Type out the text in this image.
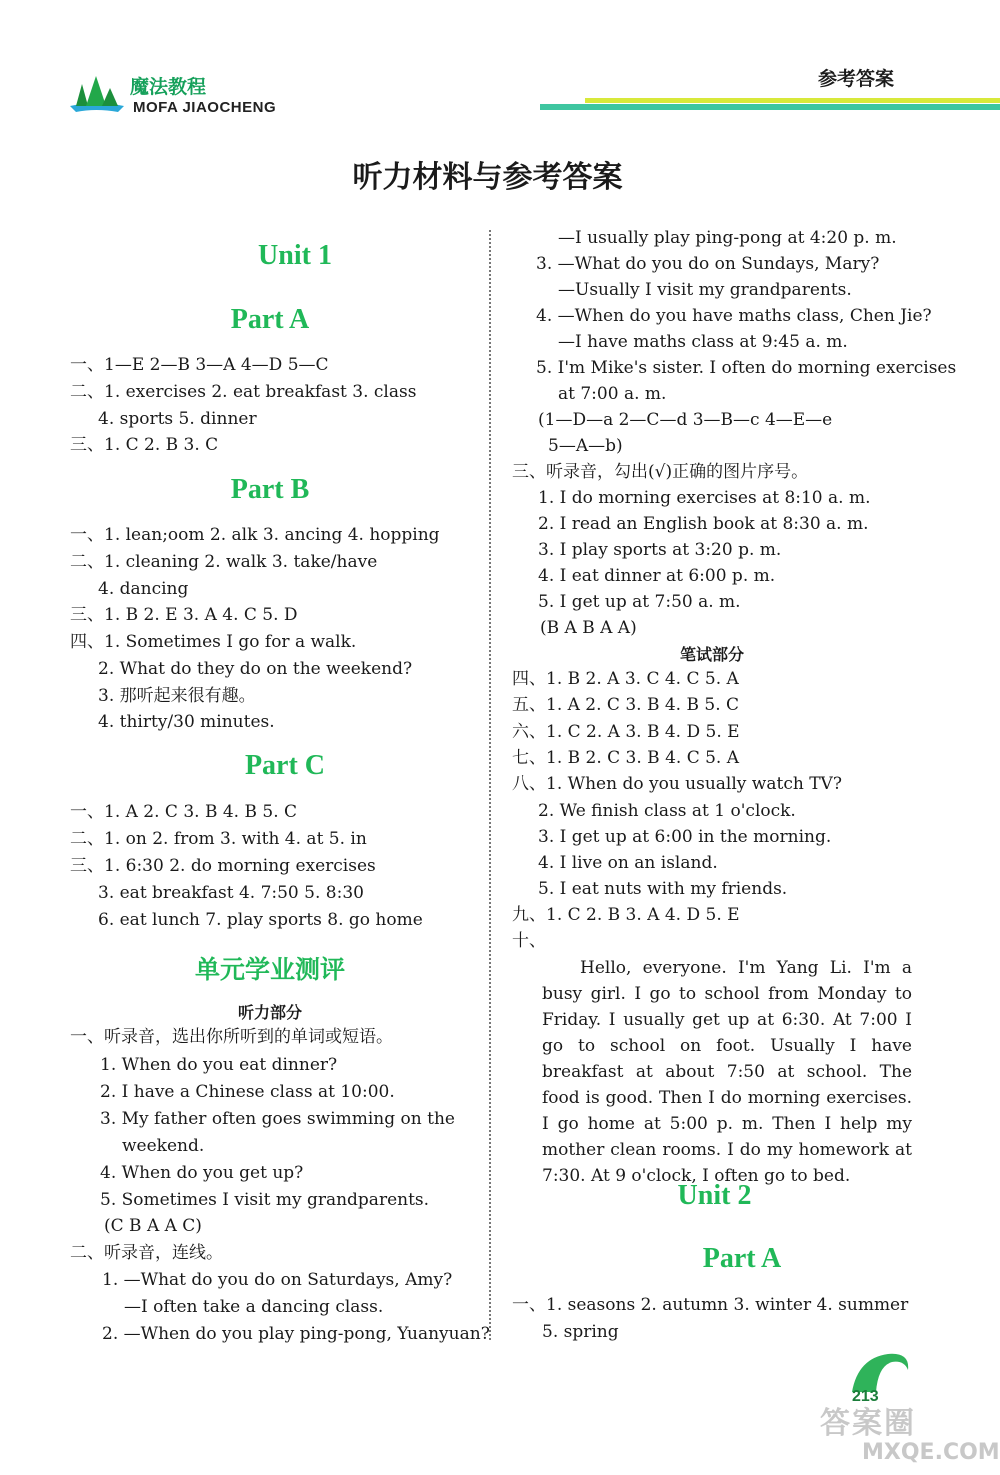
魔法教程
MOFA JIAOCHENG
参考答案
听力材料与参考答案
Unit 1
Part A
一、1—E 2—B 3—A 4—D 5—C
二、1. exercises 2. eat breakfast 3. class
4. sports 5. dinner
三、1. C 2. B 3. C
Part B
一、1. lean;oom 2. alk 3. ancing 4. hopping
二、1. cleaning 2. walk 3. take/have
4. dancing
三、1. B 2. E 3. A 4. C 5. D
四、1. Sometimes I go for a walk.
2. What do they do on the weekend?
3. 那听起来很有趣。
4. thirty/30 minutes.
Part C
一、1. A 2. C 3. B 4. B 5. C
二、1. on 2. from 3. with 4. at 5. in
三、1. 6:30 2. do morning exercises
3. eat breakfast 4. 7:50 5. 8:30
6. eat lunch 7. play sports 8. go home
单元学业测评
听力部分
一、听录音，选出你所听到的单词或短语。
1. When do you eat dinner?
2. I have a Chinese class at 10:00.
3. My father often goes swimming on the
weekend.
4. When do you get up?
5. Sometimes I visit my grandparents.
(C B A A C)
二、听录音，连线。
1. —What do you do on Saturdays, Amy?
—I often take a dancing class.
2. —When do you play ping-pong, Yuanyuan?
—I usually play ping-pong at 4:20 p. m.
3. —What do you do on Sundays, Mary?
—Usually I visit my grandparents.
4. —When do you have maths class, Chen Jie?
—I have maths class at 9:45 a. m.
5. I'm Mike's sister. I often do morning exercises
at 7:00 a. m.
(1—D—a 2—C—d 3—B—c 4—E—e
5—A—b)
三、听录音，勾出(√)正确的图片序号。
1. I do morning exercises at 8:10 a. m.
2. I read an English book at 8:30 a. m.
3. I play sports at 3:20 p. m.
4. I eat dinner at 6:00 p. m.
5. I get up at 7:50 a. m.
(B A B A A)
笔试部分
四、1. B 2. A 3. C 4. C 5. A
五、1. A 2. C 3. B 4. B 5. C
六、1. C 2. A 3. B 4. D 5. E
七、1. B 2. C 3. B 4. C 5. A
八、1. When do you usually watch TV?
2. We finish class at 1 o'clock.
3. I get up at 6:00 in the morning.
4. I live on an island.
5. I eat nuts with my friends.
九、1. C 2. B 3. A 4. D 5. E
十、
Hello, everyone. I'm Yang Li. I'm a busy girl. I go to school from Monday to Friday. I usually get up at 6:30. At 7:00 I go to school on foot. Usually I have breakfast at about 7:50 at school. The food is good. Then I do morning exercises. I go home at 5:00 p. m. Then I help my mother clean rooms. I do my homework at 7:30. At 9 o'clock, I often go to bed.
Unit 2
Part A
一、1. seasons 2. autumn 3. winter 4. summer
5. spring
213
答案圈
MXQE.COM
